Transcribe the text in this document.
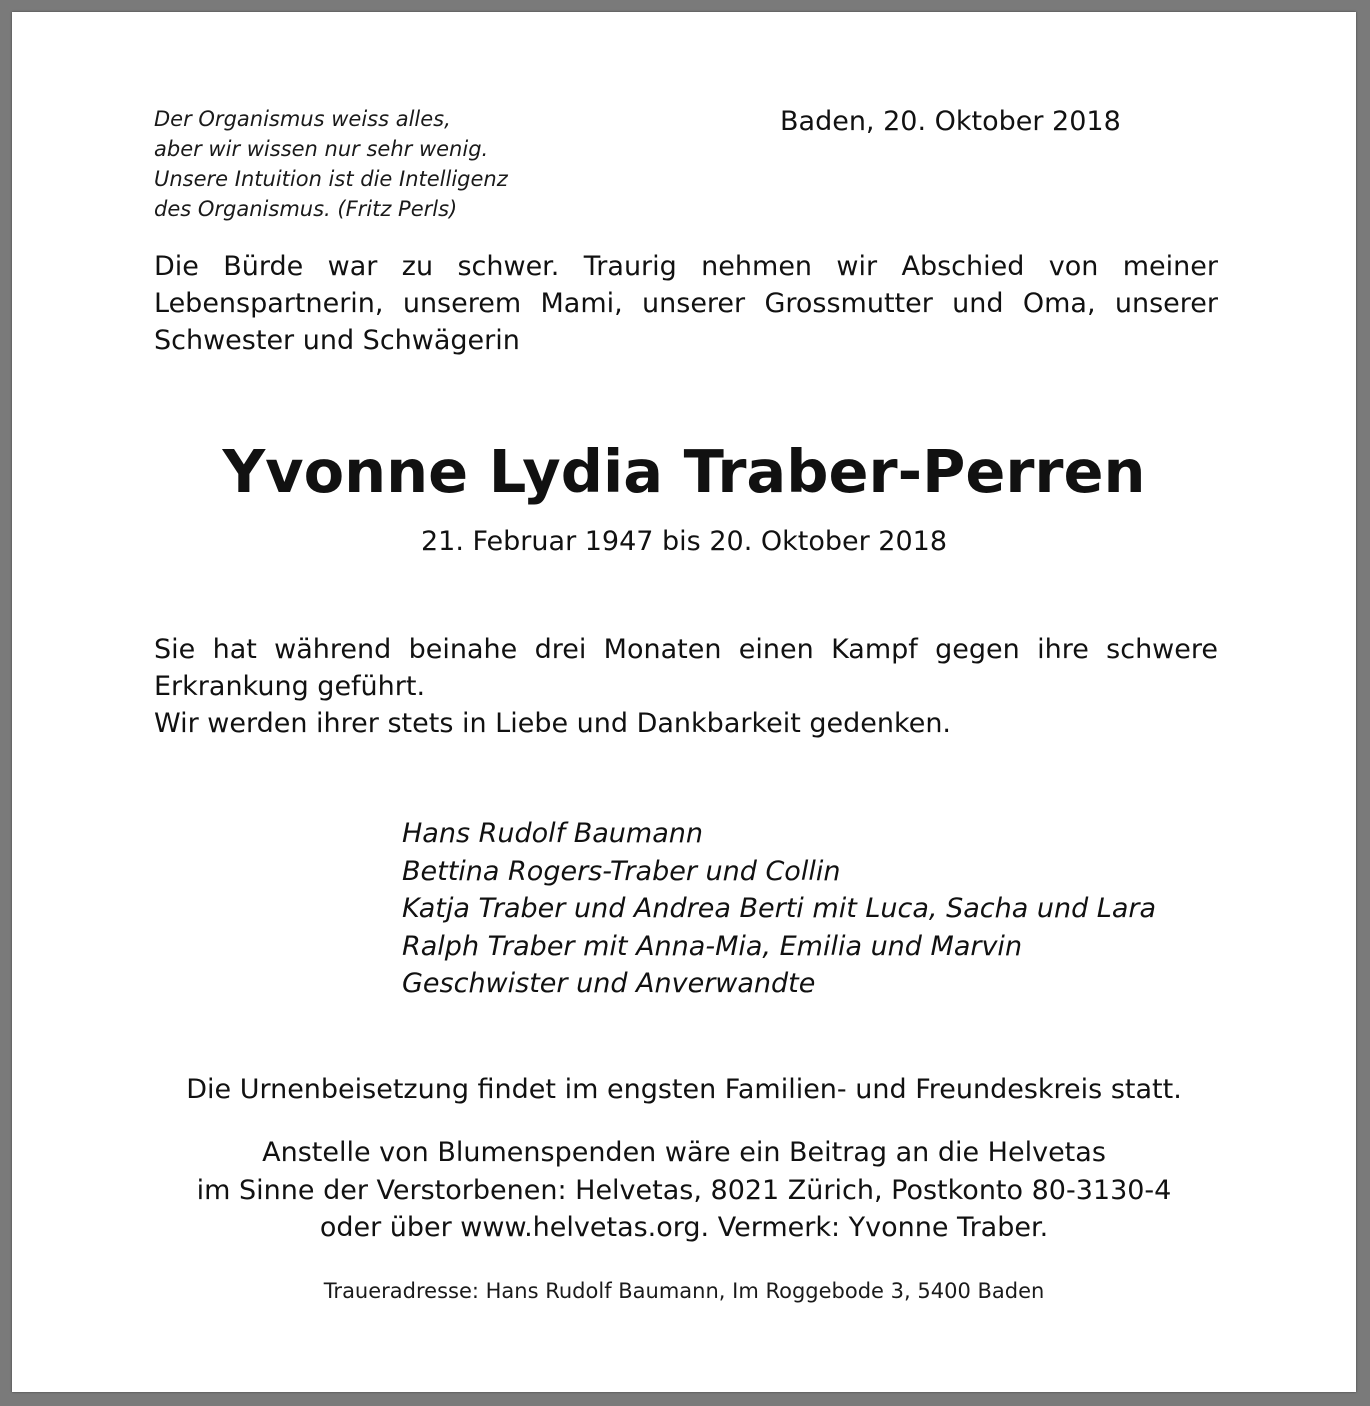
Der Organismus weiss alles,
aber wir wissen nur sehr wenig.
Unsere Intuition ist die Intelligenz
des Organismus. (Fritz Perls)
Baden, 20. Oktober 2018
Die Bürde war zu schwer. Traurig nehmen wir Abschied von meiner Lebenspartnerin, unserem Mami, unserer Grossmutter und Oma, unserer Schwester und Schwägerin
Yvonne Lydia Traber-Perren
21. Februar 1947 bis 20. Oktober 2018
Sie hat während beinahe drei Monaten einen Kampf gegen ihre schwere Erkrankung geführt.
Wir werden ihrer stets in Liebe und Dankbarkeit gedenken.
Hans Rudolf Baumann
Bettina Rogers-Traber und Collin
Katja Traber und Andrea Berti mit Luca, Sacha und Lara
Ralph Traber mit Anna-Mia, Emilia und Marvin
Geschwister und Anverwandte
Die Urnenbeisetzung findet im engsten Familien- und Freundeskreis statt.
Anstelle von Blumenspenden wäre ein Beitrag an die Helvetas
im Sinne der Verstorbenen: Helvetas, 8021 Zürich, Postkonto 80-3130-4
oder über www.helvetas.org. Vermerk: Yvonne Traber.
Traueradresse: Hans Rudolf Baumann, Im Roggebode 3, 5400 Baden
